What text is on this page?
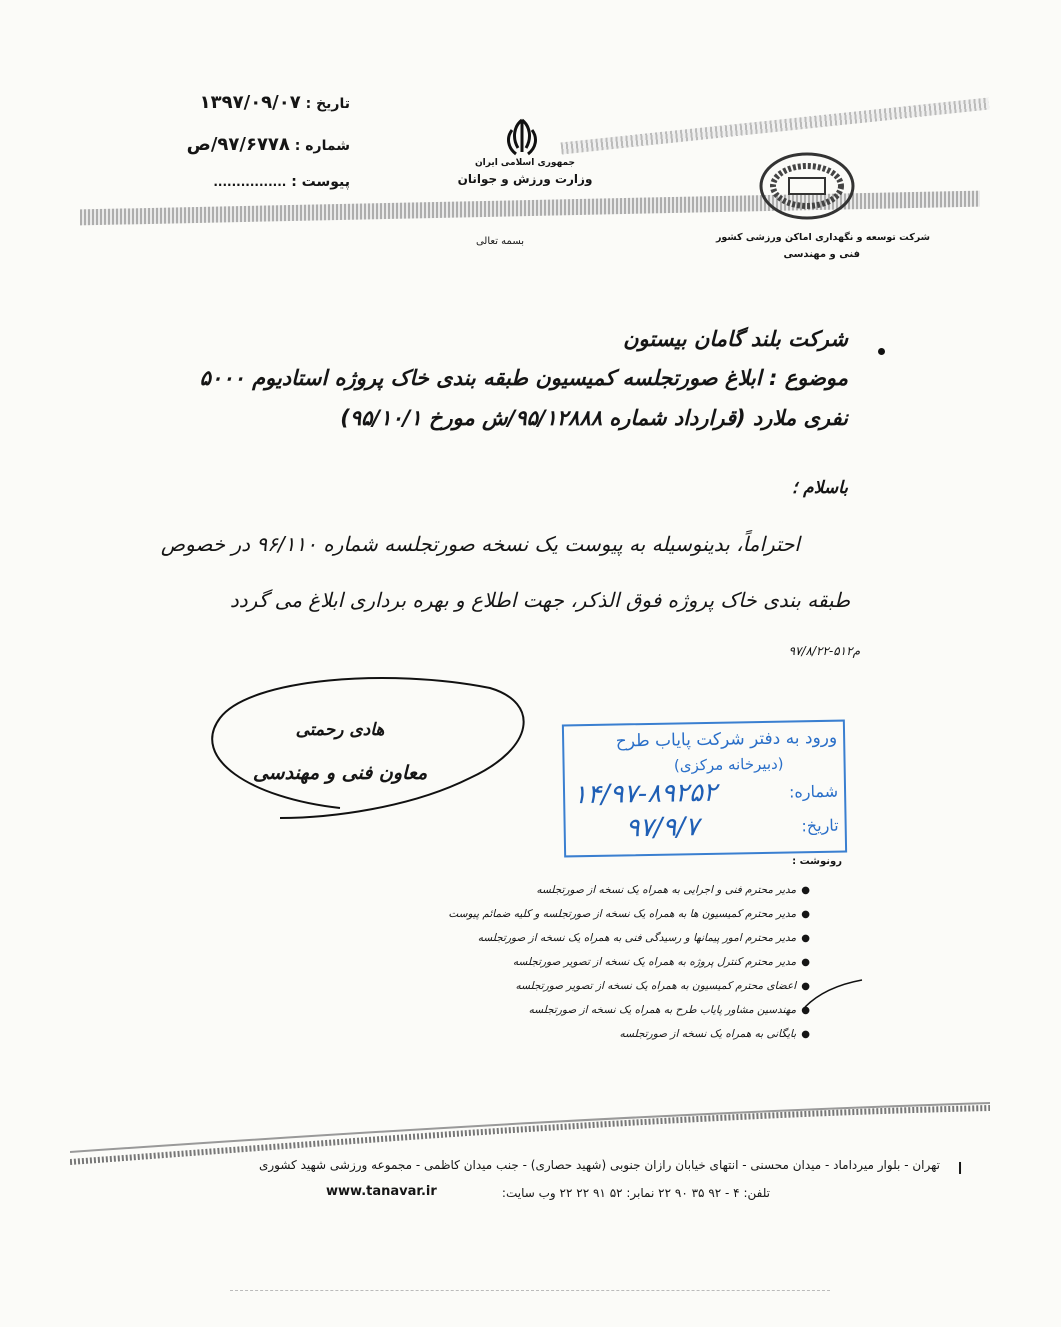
تاریخ : ۱۳۹۷/۰۹/۰۷
شماره : ۹۷/۶۷۷۸/ص
پیوست : ................
جمهوری اسلامی ایران
وزارت ورزش و جوانان
بسمه تعالی	شرکت توسعه و نگهداری اماکن ورزشی کشور
فنی و مهندسی
شرکت بلند گامان بیستون
موضوع : ابلاغ صورتجلسه کمیسیون طبقه بندی خاک پروژه استادیوم ۵۰۰۰
نفری ملارد (قرارداد شماره ۹۵/۱۲۸۸۸/ش مورخ ۹۵/۱۰/۱)
باسلام ؛
احتراماً، بدینوسیله به پیوست یک نسخه صورتجلسه شماره ۹۶/۱۱۰ در خصوص
طبقه بندی خاک پروژه فوق الذکر، جهت اطلاع و بهره برداری ابلاغ می گردد
م۵۱۲-۹۷/۸/۲۲
هادی رحمتی
معاون فنی و مهندسی
ورود به دفتر شرکت پایاب طرح
(دبیرخانه مرکزی)
شماره:
۱۴/۹۷-۸۹۲۵۲
تاریخ:
۹۷/۹/۷
رونوشت :
● مدیر محترم فنی و اجرایی به همراه یک نسخه از صورتجلسه
● مدیر محترم کمیسیون ها به همراه یک نسخه از صورتجلسه و کلیه ضمائم پیوست
● مدیر محترم امور پیمانها و رسیدگی فنی به همراه یک نسخه از صورتجلسه
● مدیر محترم کنترل پروژه به همراه یک نسخه از تصویر صورتجلسه
● اعضای محترم کمیسیون به همراه یک نسخه از تصویر صورتجلسه
● مهندسین مشاور پایاب طرح به همراه یک نسخه از صورتجلسه
● بایگانی به همراه یک نسخه از صورتجلسه
تهران - بلوار میرداماد - میدان محسنی - انتهای خیابان رازان جنوبی (شهید حصاری) - جنب میدان کاظمی - مجموعه ورزشی شهید کشوری ❙
تلفن: ۴ - ۹۲ ۳۵ ۹۰ ۲۲ نمابر: ۵۲ ۹۱ ۲۲ ۲۲ وب سایت:
www.tanavar.ir
